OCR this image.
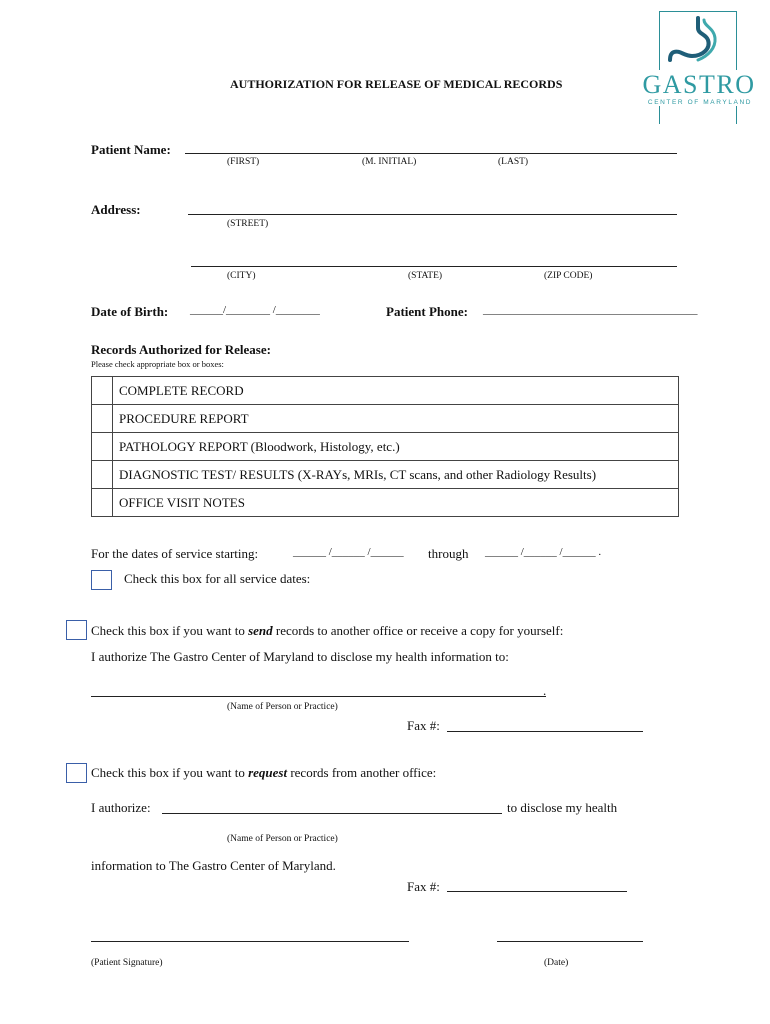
GASTRO
CENTER OF MARYLAND
AUTHORIZATION FOR RELEASE OF MEDICAL RECORDS
Patient Name:
(FIRST)	(M. INITIAL)	(LAST)
Address:
(STREET)
(CITY)	(STATE)	(ZIP CODE)
Date of Birth: ______/________ /________	Patient Phone: _______________________________________
Records Authorized for Release:
Please check appropriate box or boxes:
	COMPLETE RECORD
	PROCEDURE REPORT
	PATHOLOGY REPORT (Bloodwork, Histology, etc.)
	DIAGNOSTIC TEST/ RESULTS (X-RAYs, MRIs, CT scans, and other Radiology Results)
	OFFICE VISIT NOTES
For the dates of service starting:	______ /______ /______ through ______ /______ /______ .
Check this box for all service dates:
Check this box if you want to send records to another office or receive a copy for yourself:
I authorize The Gastro Center of Maryland to disclose my health information to:
.
(Name of Person or Practice)
Fax #:
Check this box if you want to request records from another office:
I authorize:	to disclose my health
(Name of Person or Practice)
information to The Gastro Center of Maryland.
Fax #:
(Patient Signature)	(Date)
